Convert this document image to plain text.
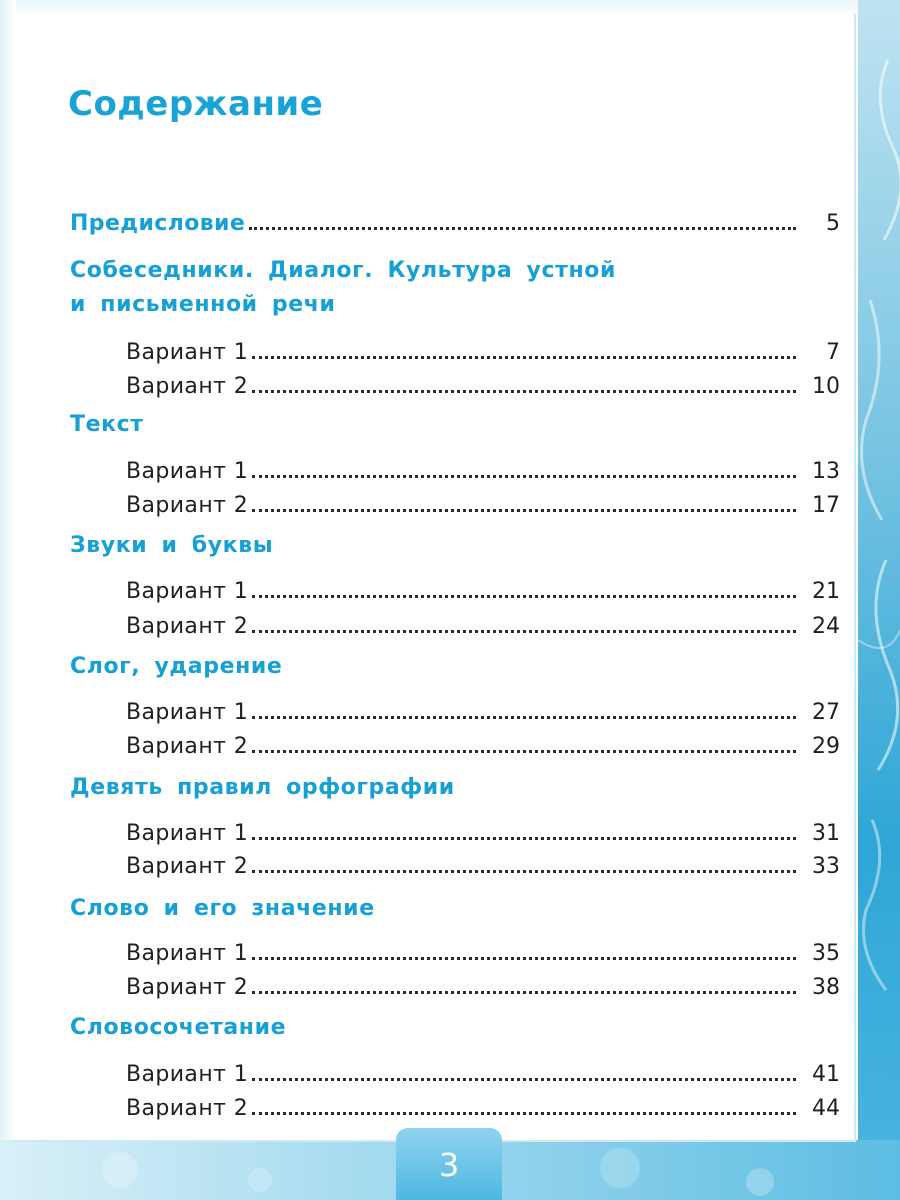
Содержание
Предисловие	5
Собеседники. Диалог. Культура устной
и письменной речи
Вариант 1	7
Вариант 2	10
Текст
Вариант 1	13
Вариант 2	17
Звуки и буквы
Вариант 1	21
Вариант 2	24
Слог, ударение
Вариант 1	27
Вариант 2	29
Девять правил орфографии
Вариант 1	31
Вариант 2	33
Слово и его значение
Вариант 1	35
Вариант 2	38
Словосочетание
Вариант 1	41
Вариант 2	44
3
